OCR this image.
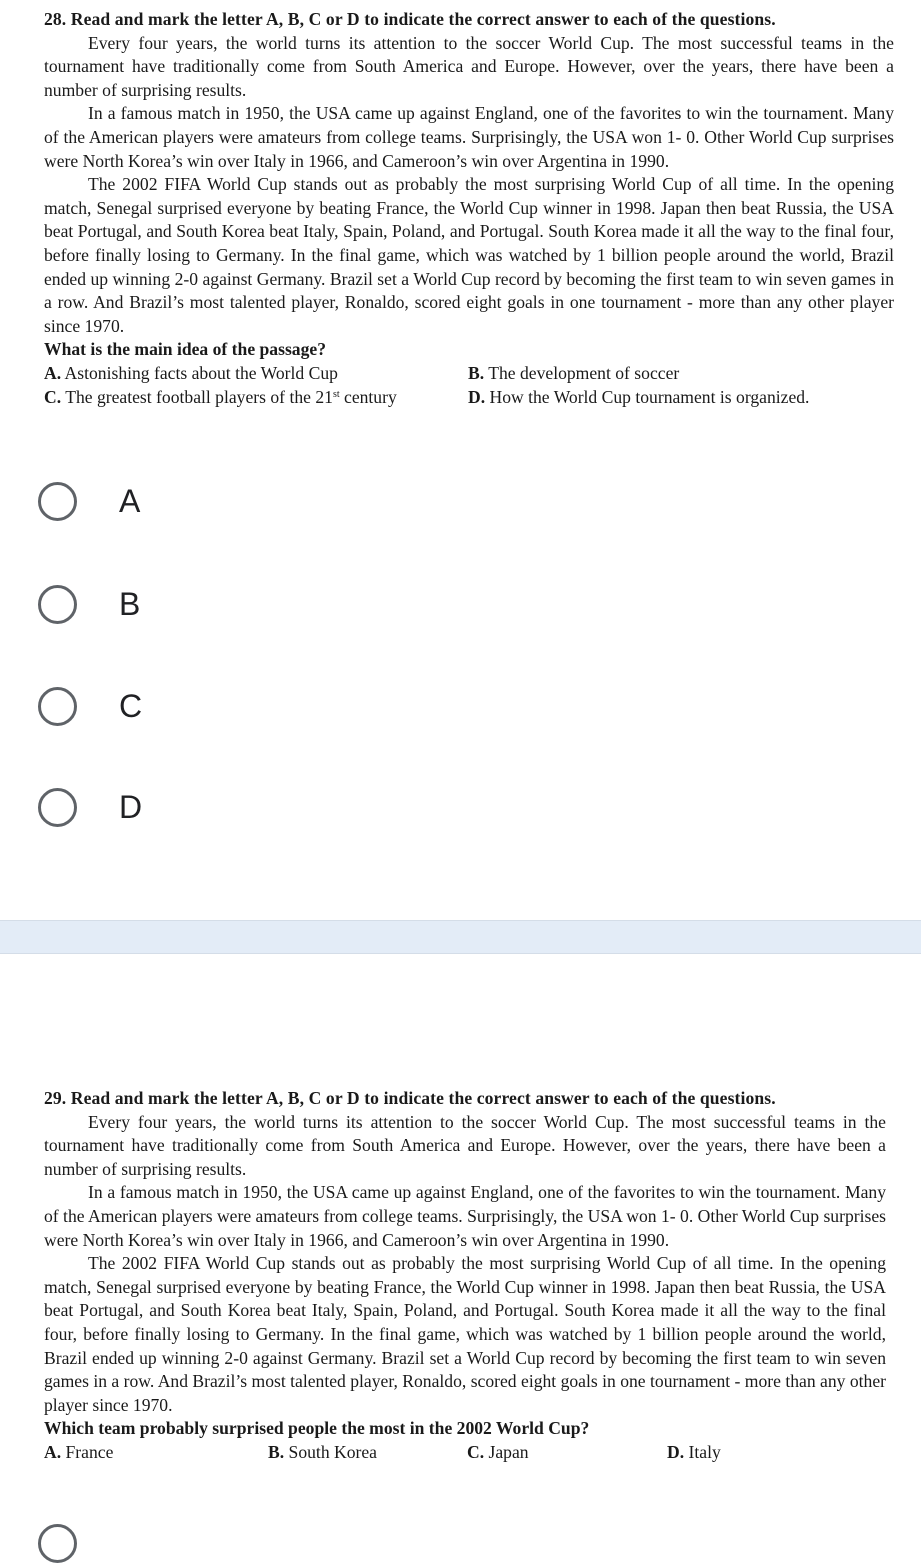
28. Read and mark the letter A, B, C or D to indicate the correct answer to each of the questions.

Every four years, the world turns its attention to the soccer World Cup. The most successful teams in the tournament have traditionally come from South America and Europe. However, over the years, there have been a number of surprising results.

In a famous match in 1950, the USA came up against England, one of the favorites to win the tournament. Many of the American players were amateurs from college teams. Surprisingly, the USA won 1- 0. Other World Cup surprises were North Korea’s win over Italy in 1966, and Cameroon’s win over Argentina in 1990.

The 2002 FIFA World Cup stands out as probably the most surprising World Cup of all time. In the opening match, Senegal surprised everyone by beating France, the World Cup winner in 1998. Japan then beat Russia, the USA beat Portugal, and South Korea beat Italy, Spain, Poland, and Portugal. South Korea made it all the way to the final four, before finally losing to Germany. In the final game, which was watched by 1 billion people around the world, Brazil ended up winning 2-0 against Germany. Brazil set a World Cup record by becoming the first team to win seven games in a row. And Brazil’s most talented player, Ronaldo, scored eight goals in one tournament - more than any other player since 1970.

What is the main idea of the passage?
A. Astonishing facts about the World Cup	B. The development of soccer
C. The greatest football players of the 21st century	D. How the World Cup tournament is organized.
A
B
C
D
29. Read and mark the letter A, B, C or D to indicate the correct answer to each of the questions.

Every four years, the world turns its attention to the soccer World Cup. The most successful teams in the tournament have traditionally come from South America and Europe. However, over the years, there have been a number of surprising results.

In a famous match in 1950, the USA came up against England, one of the favorites to win the tournament. Many of the American players were amateurs from college teams. Surprisingly, the USA won 1- 0. Other World Cup surprises were North Korea’s win over Italy in 1966, and Cameroon’s win over Argentina in 1990.

The 2002 FIFA World Cup stands out as probably the most surprising World Cup of all time. In the opening match, Senegal surprised everyone by beating France, the World Cup winner in 1998. Japan then beat Russia, the USA beat Portugal, and South Korea beat Italy, Spain, Poland, and Portugal. South Korea made it all the way to the final four, before finally losing to Germany. In the final game, which was watched by 1 billion people around the world, Brazil ended up winning 2-0 against Germany. Brazil set a World Cup record by becoming the first team to win seven games in a row. And Brazil’s most talented player, Ronaldo, scored eight goals in one tournament - more than any other player since 1970.

Which team probably surprised people the most in the 2002 World Cup?
A. France	B. South Korea	C. Japan	D. Italy
